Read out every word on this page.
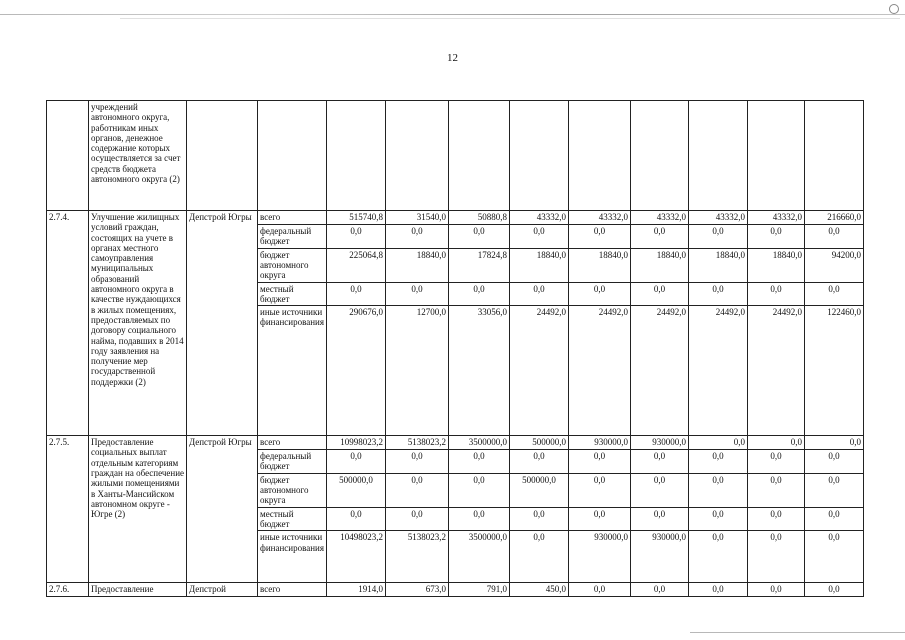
12
	учреждений автономного округа, работникам иных органов, денежное содержание которых осуществляется за счет средств бюджета автономного округа (2)											
2.7.4.	Улучшение жилищных условий граждан, состоящих на учете в органах местного самоуправления муниципальных образований автономного округа в качестве нуждающихся в жилых помещениях, предоставляемых по договору социального найма, подавших в 2014 году заявления на получение мер государственной поддержки (2)	Депстрой Югры	всего	515740,8	31540,0	50880,8	43332,0	43332,0	43332,0	43332,0	43332,0	216660,0
			федеральный бюджет	0,0	0,0	0,0	0,0	0,0	0,0	0,0	0,0	0,0
			бюджет автономного округа	225064,8	18840,0	17824,8	18840,0	18840,0	18840,0	18840,0	18840,0	94200,0
			местный бюджет	0,0	0,0	0,0	0,0	0,0	0,0	0,0	0,0	0,0
			иные источники финансирования	290676,0	12700,0	33056,0	24492,0	24492,0	24492,0	24492,0	24492,0	122460,0
2.7.5.	Предоставление социальных выплат отдельным категориям граждан на обеспечение жилыми помещениями в Ханты-Мансийском автономном округе - Югре (2)	Депстрой Югры	всего	10998023,2	5138023,2	3500000,0	500000,0	930000,0	930000,0	0,0	0,0	0,0
			федеральный бюджет	0,0	0,0	0,0	0,0	0,0	0,0	0,0	0,0	0,0
			бюджет автономного округа	500000,0	0,0	0,0	500000,0	0,0	0,0	0,0	0,0	0,0
			местный бюджет	0,0	0,0	0,0	0,0	0,0	0,0	0,0	0,0	0,0
			иные источники финансирования	10498023,2	5138023,2	3500000,0	0,0	930000,0	930000,0	0,0	0,0	0,0
2.7.6.	Предоставление	Депстрой	всего	1914,0	673,0	791,0	450,0	0,0	0,0	0,0	0,0	0,0
